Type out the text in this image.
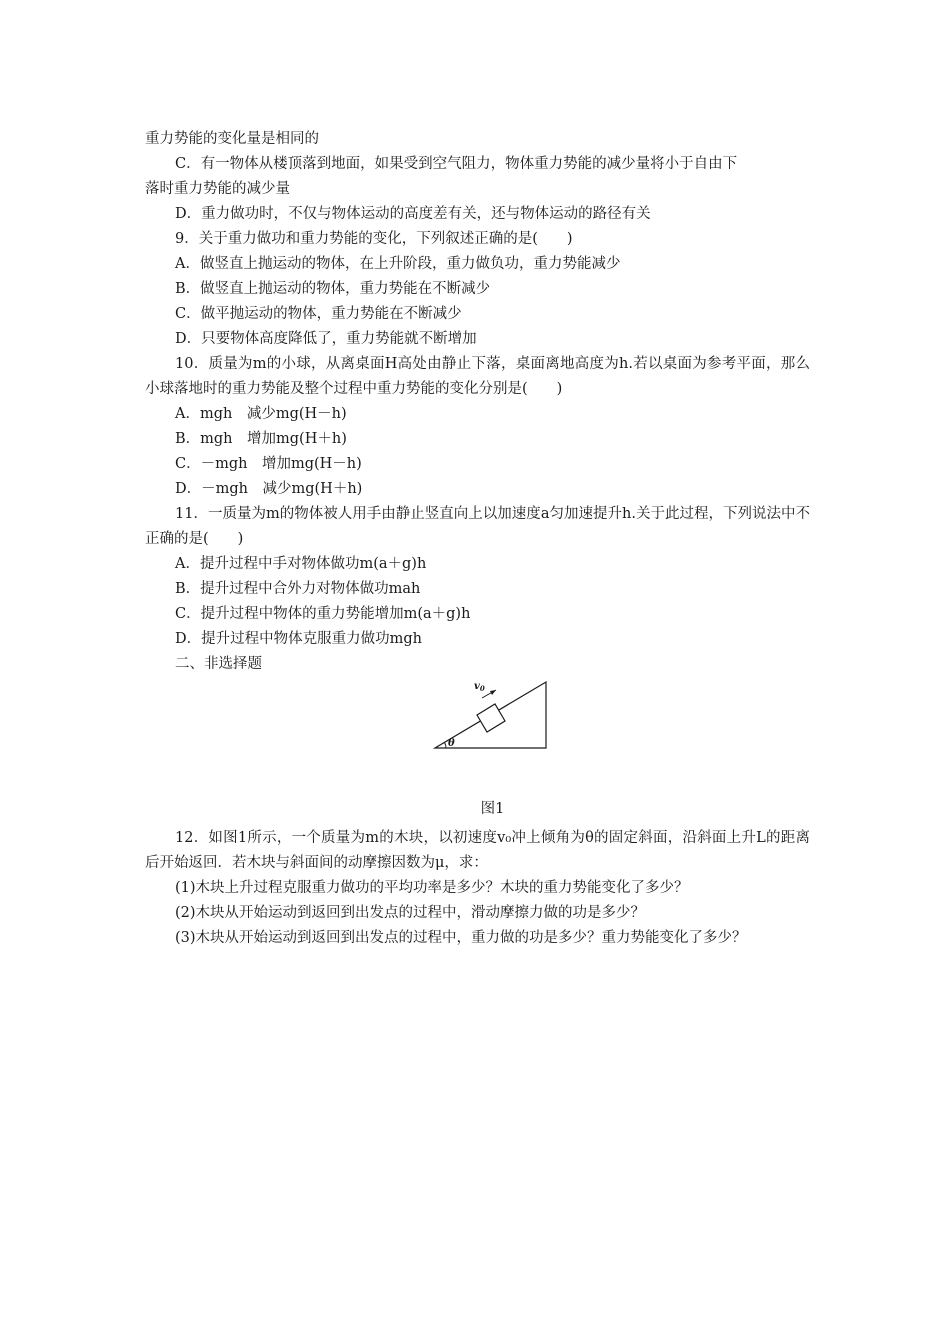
重力势能的变化量是相同的
C．有一物体从楼顶落到地面，如果受到空气阻力，物体重力势能的减少量将小于自由下
落时重力势能的减少量
D．重力做功时，不仅与物体运动的高度差有关，还与物体运动的路径有关
9．关于重力做功和重力势能的变化，下列叙述正确的是(　　)
A．做竖直上抛运动的物体，在上升阶段，重力做负功，重力势能减少
B．做竖直上抛运动的物体，重力势能在不断减少
C．做平抛运动的物体，重力势能在不断减少
D．只要物体高度降低了，重力势能就不断增加
10．质量为m的小球，从离桌面H高处由静止下落，桌面离地高度为h.若以桌面为参考平面，那么小球落地时的重力势能及整个过程中重力势能的变化分别是(　　)
A．mgh　减少mg(H－h)
B．mgh　增加mg(H＋h)
C．－mgh　增加mg(H－h)
D．－mgh　减少mg(H＋h)
11．一质量为m的物体被人用手由静止竖直向上以加速度a匀加速提升h.关于此过程，下列说法中不正确的是(　　)
A．提升过程中手对物体做功m(a＋g)h
B．提升过程中合外力对物体做功mah
C．提升过程中物体的重力势能增加m(a＋g)h
D．提升过程中物体克服重力做功mgh
二、非选择题
$v_0$
θ
图1
12．如图1所示，一个质量为m的木块，以初速度v₀冲上倾角为θ的固定斜面，沿斜面上升L的距离后开始返回．若木块与斜面间的动摩擦因数为μ，求：
(1)木块上升过程克服重力做功的平均功率是多少？木块的重力势能变化了多少？
(2)木块从开始运动到返回到出发点的过程中，滑动摩擦力做的功是多少？
(3)木块从开始运动到返回到出发点的过程中，重力做的功是多少？重力势能变化了多少？
